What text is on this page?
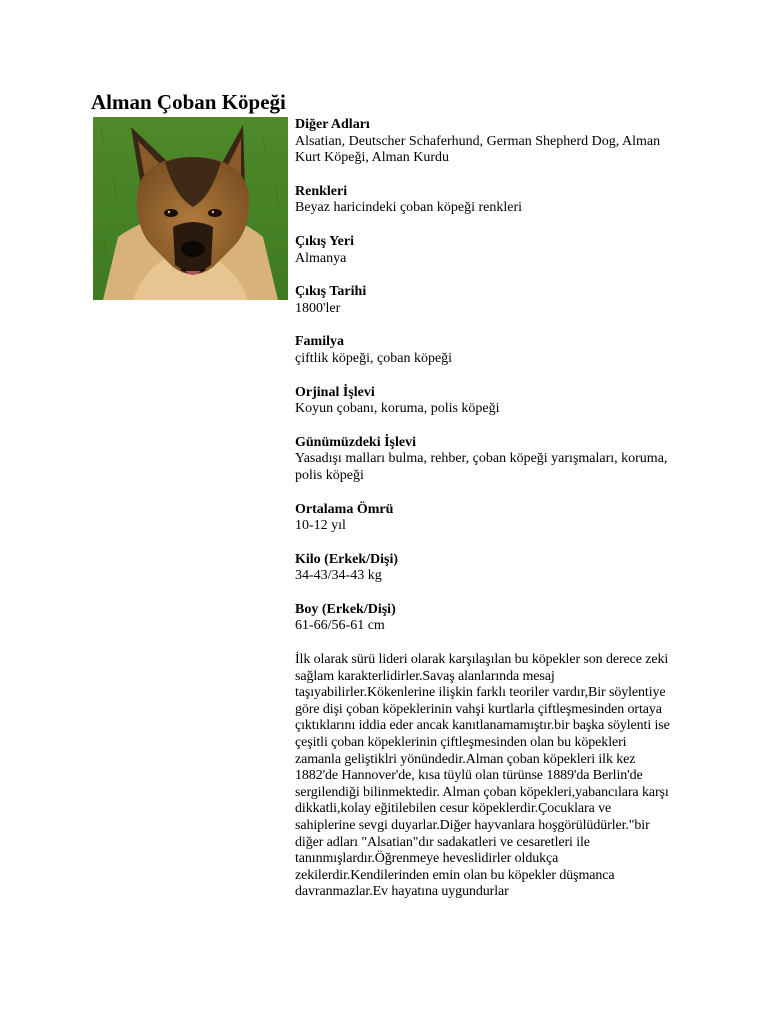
Alman Çoban Köpeği
Diğer Adları
Alsatian, Deutscher Schaferhund, German Shepherd Dog, Alman Kurt Köpeği, Alman Kurdu
Renkleri
Beyaz haricindeki çoban köpeği renkleri
Çıkış Yeri
Almanya
Çıkış Tarihi
1800'ler
Familya
çiftlik köpeği, çoban köpeği
Orjinal İşlevi
Koyun çobanı, koruma, polis köpeği
Günümüzdeki İşlevi
Yasadışı malları bulma, rehber, çoban köpeği yarışmaları, koruma, polis köpeği
Ortalama Ömrü
10-12 yıl
Kilo (Erkek/Dişi)
34-43/34-43 kg
Boy (Erkek/Dişi)
61-66/56-61 cm

İlk olarak sürü lideri olarak karşılaşılan bu köpekler son derece zeki sağlam karakterlidirler.Savaş alanlarında mesaj taşıyabilirler.Kökenlerine ilişkin farklı teoriler vardır,Bir söylentiye göre dişi çoban köpeklerinin vahşi kurtlarla çiftleşmesinden ortaya çıktıklarını iddia eder ancak kanıtlanamamıştır.bir başka söylenti ise çeşitli çoban köpeklerinin çiftleşmesinden olan bu köpekleri zamanla geliştiklri yönündedir.Alman çoban köpekleri ilk kez 1882'de Hannover'de, kısa tüylü olan türünse 1889'da Berlin'de sergilendiği bilinmektedir. Alman çoban köpekleri,yabancılara karşı dikkatli,kolay eğitilebilen cesur köpeklerdir.Çocuklara ve sahiplerine sevgi duyarlar.Diğer hayvanlara hoşgörülüdürler."bir diğer adları "Alsatian"dır sadakatleri ve cesaretleri ile tanınmışlardır.Öğrenmeye heveslidirler oldukça zekilerdir.Kendilerinden emin olan bu köpekler düşmanca davranmazlar.Ev hayatına uygundurlar
